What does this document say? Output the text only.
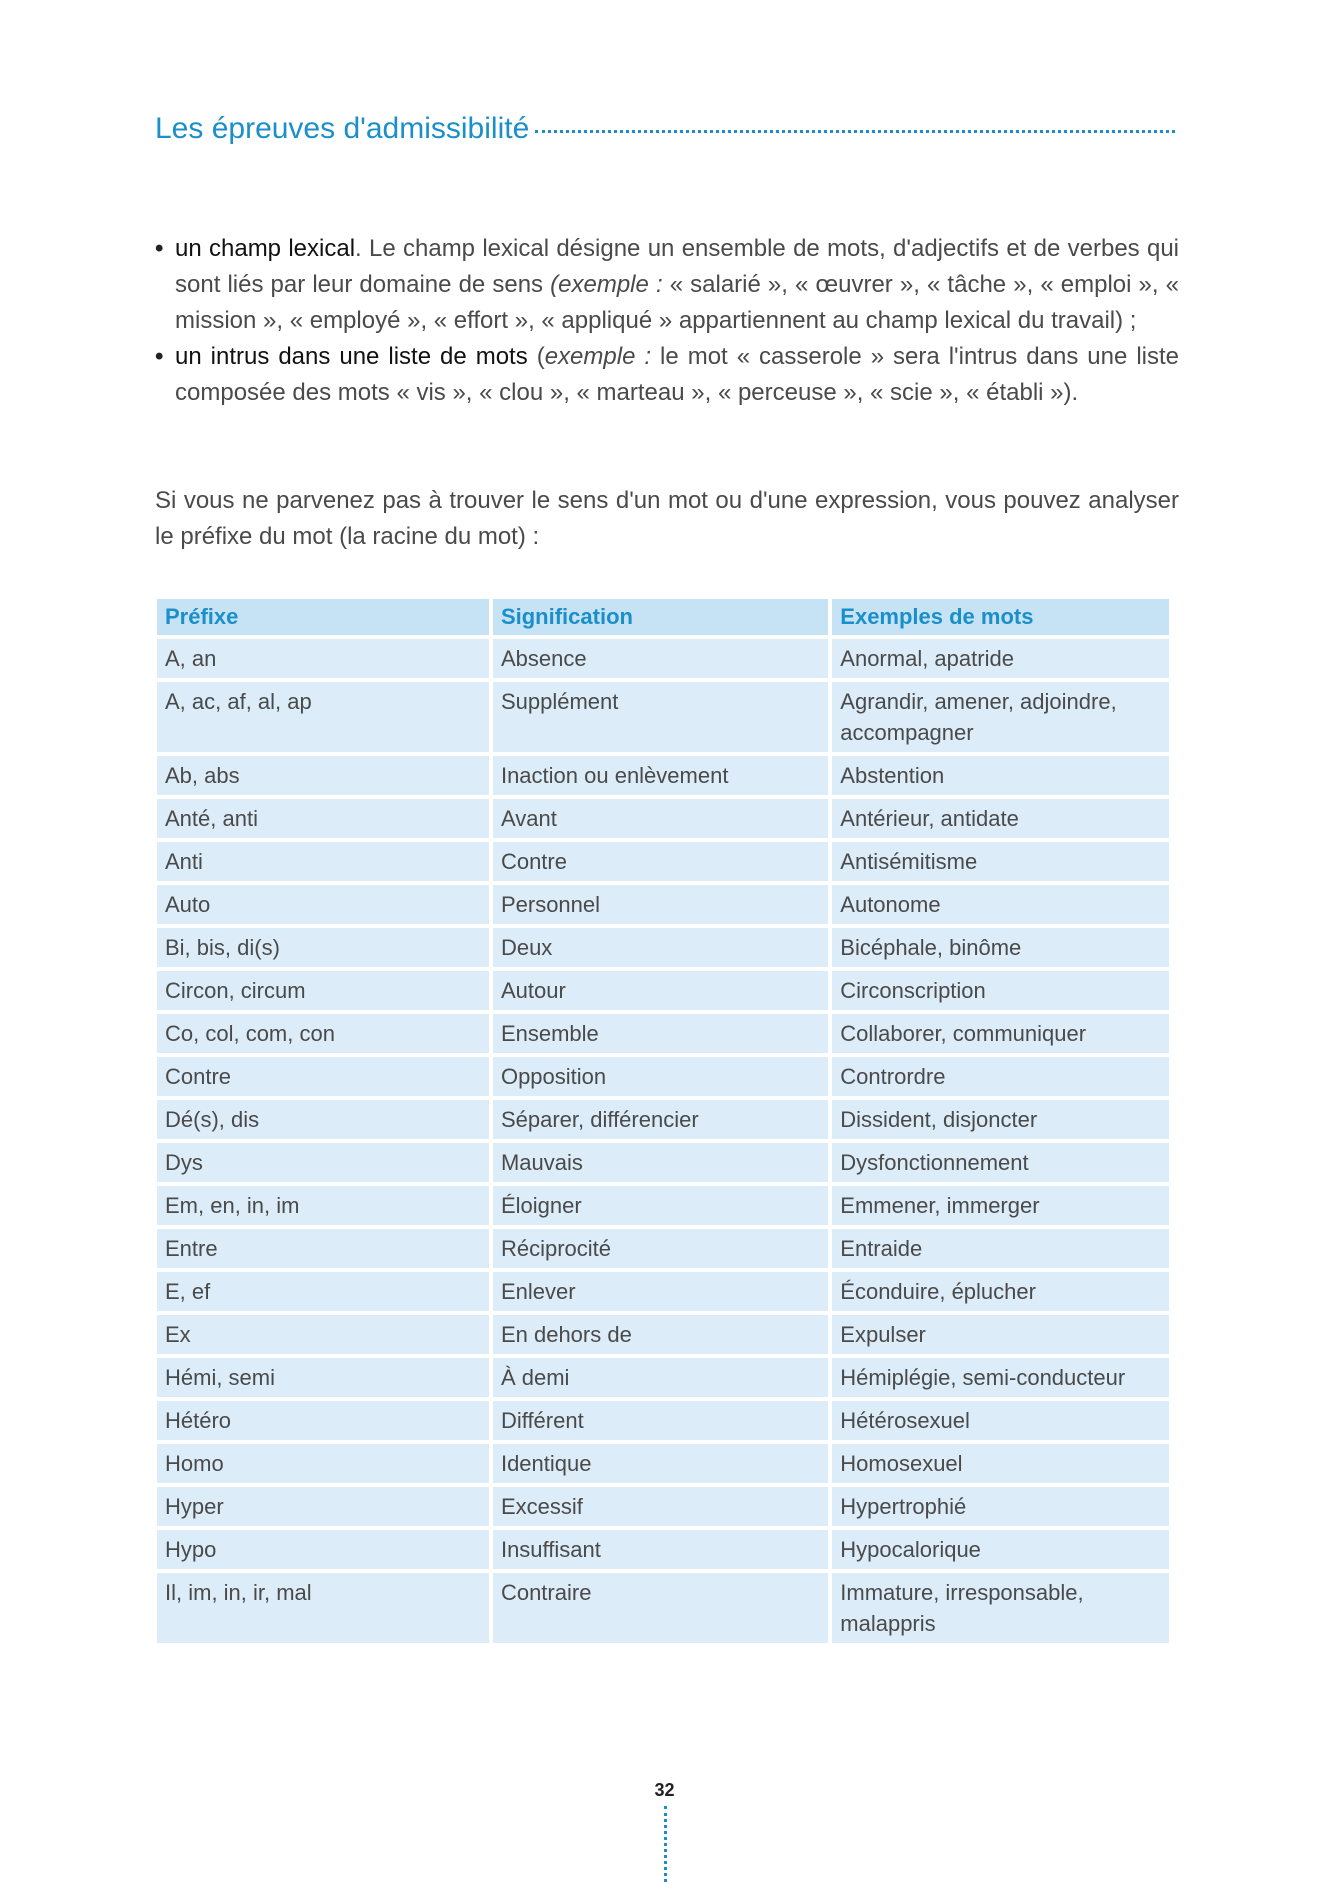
Les épreuves d'admissibilité
• un champ lexical. Le champ lexical désigne un ensemble de mots, d'adjectifs et de verbes qui sont liés par leur domaine de sens (exemple : « salarié », « œuvrer », « tâche », « emploi », « mission », « employé », « effort », « appliqué » appartiennent au champ lexical du travail) ;
• un intrus dans une liste de mots (exemple : le mot « casserole » sera l'intrus dans une liste composée des mots « vis », « clou », « marteau », « perceuse », « scie », « établi »).

Si vous ne parvenez pas à trouver le sens d'un mot ou d'une expression, vous pouvez analyser le préfixe du mot (la racine du mot) :

Préfixe	Signification	Exemples de mots
A, an	Absence	Anormal, apatride
A, ac, af, al, ap	Supplément	Agrandir, amener, adjoindre, accompagner
Ab, abs	Inaction ou enlèvement	Abstention
Anté, anti	Avant	Antérieur, antidate
Anti	Contre	Antisémitisme
Auto	Personnel	Autonome
Bi, bis, di(s)	Deux	Bicéphale, binôme
Circon, circum	Autour	Circonscription
Co, col, com, con	Ensemble	Collaborer, communiquer
Contre	Opposition	Contrordre
Dé(s), dis	Séparer, différencier	Dissident, disjoncter
Dys	Mauvais	Dysfonctionnement
Em, en, in, im	Éloigner	Emmener, immerger
Entre	Réciprocité	Entraide
E, ef	Enlever	Éconduire, éplucher
Ex	En dehors de	Expulser
Hémi, semi	À demi	Hémiplégie, semi-conducteur
Hétéro	Différent	Hétérosexuel
Homo	Identique	Homosexuel
Hyper	Excessif	Hypertrophié
Hypo	Insuffisant	Hypocalorique
Il, im, in, ir, mal	Contraire	Immature, irresponsable, malappris
32
